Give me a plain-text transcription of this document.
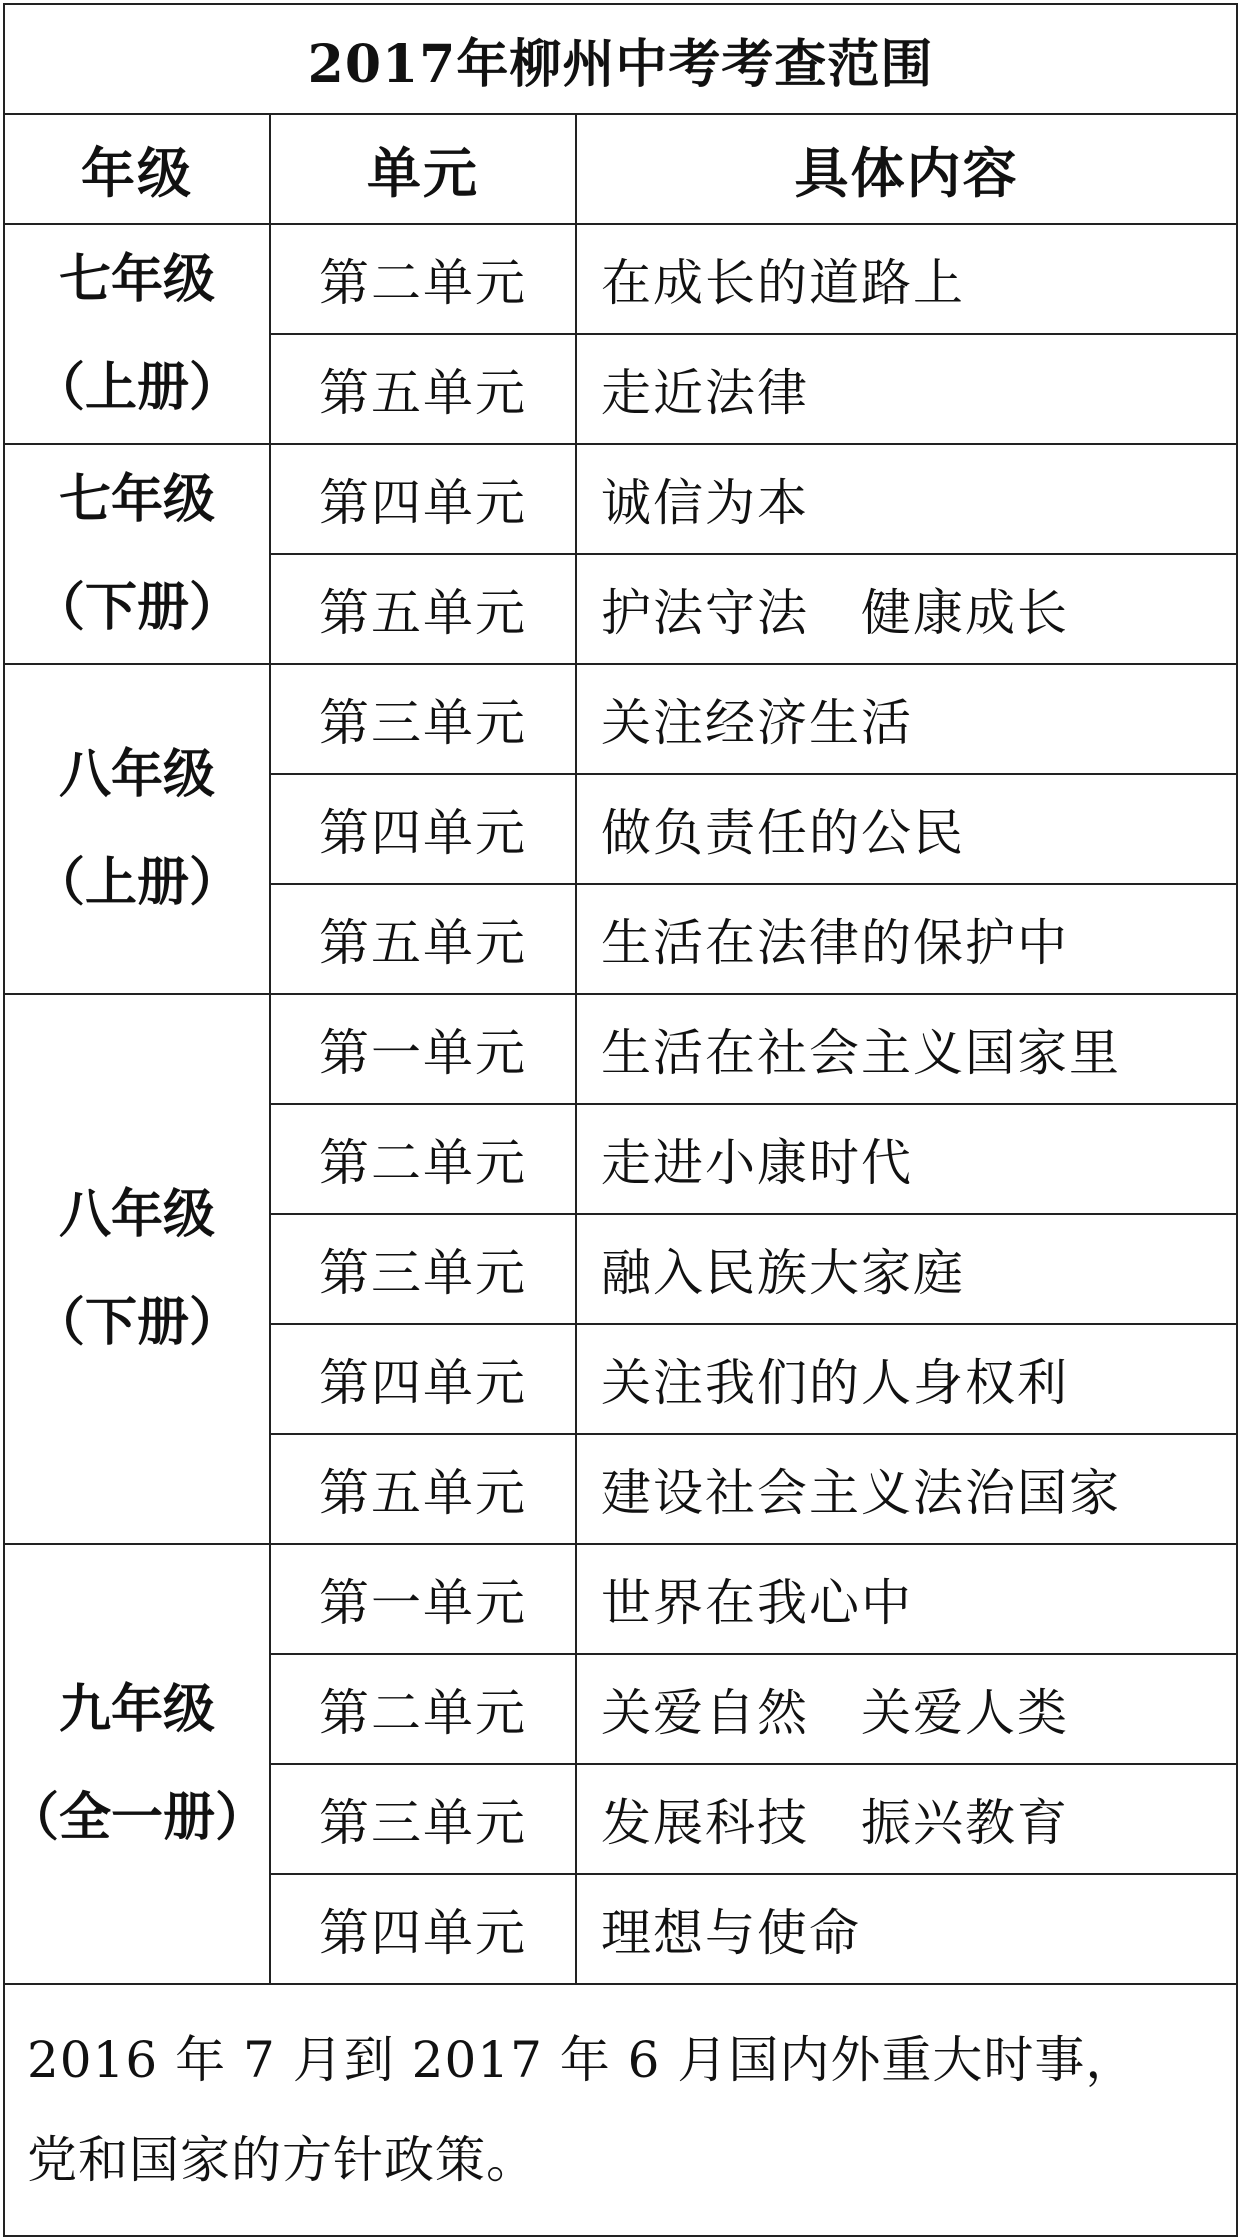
2017年柳州中考考查范围		
年级	单元	具体内容

七年级
（上册）	第二单元	在成长的道路上
	第五单元	走近法律

七年级
（下册）	第四单元	诚信为本
	第五单元	护法守法　健康成长

八年级
（上册）	第三单元	关注经济生活
	第四单元	做负责任的公民
	第五单元	生活在法律的保护中

八年级
（下册）	第一单元	生活在社会主义国家里
	第二单元	走进小康时代
	第三单元	融入民族大家庭
	第四单元	关注我们的人身权利
	第五单元	建设社会主义法治国家

九年级
（全一册）	第一单元	世界在我心中
	第二单元	关爱自然　关爱人类
	第三单元	发展科技　振兴教育
	第四单元	理想与使命

2016 年 7 月到 2017 年 6 月国内外重大时事，
党和国家的方针政策。		
